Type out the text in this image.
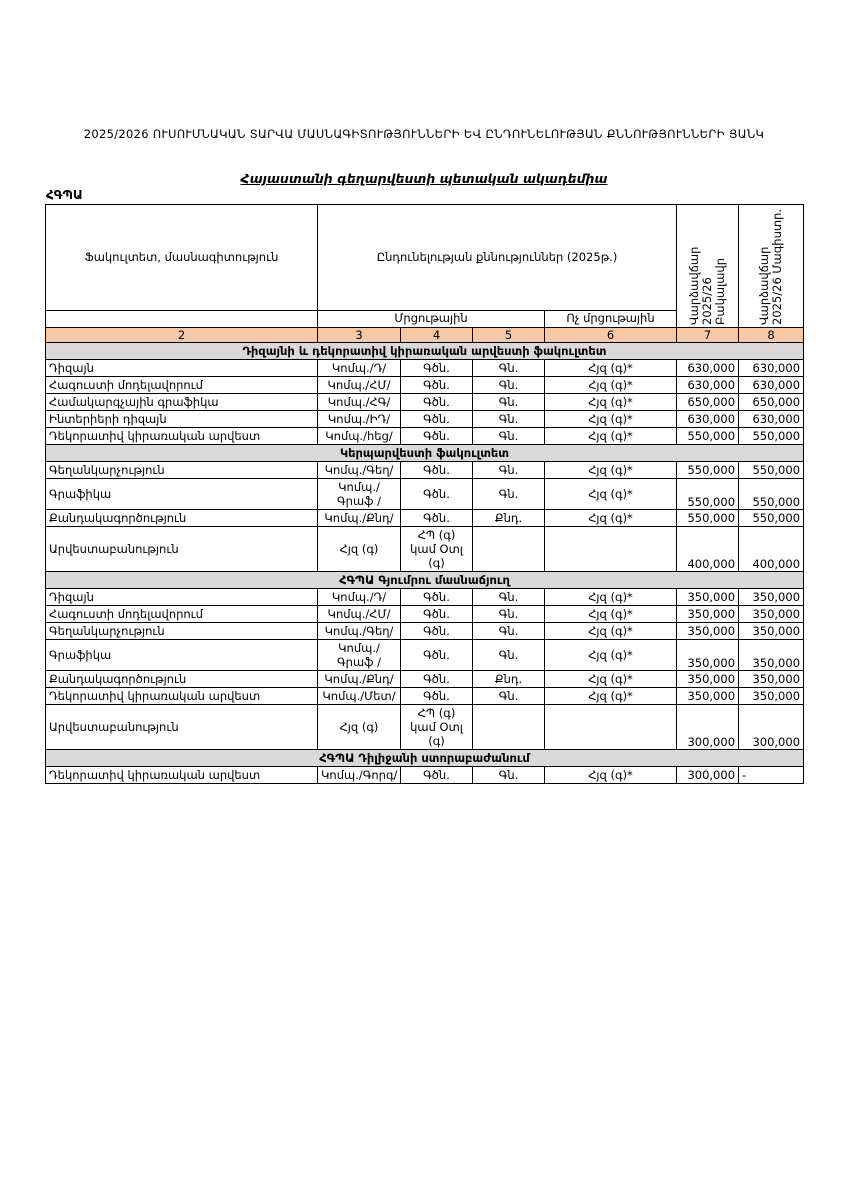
2025/2026 ՈՒՍՈՒՄՆԱԿԱՆ ՏԱՐՎԱ ՄԱՍՆԱԳԻՏՈՒԹՅՈՒՆՆԵՐԻ ԵՎ ԸՆԴՈՒՆԵԼՈՒԹՅԱՆ ՔՆՆՈՒԹՅՈՒՆՆԵՐԻ ՑԱՆԿ
Հայաստանի գեղարվեստի պետական ակադեմիա
ՀԳՊԱ
Ֆակուլտետ, մասնագիտություն	Ընդունելության քննություններ (2025թ.)				Վարձավճար 2025/26 Բակալավր	Վարձավճար 2025/26 Մագիստր.

	Մրցութային			Ոչ մրցութային		
2	3	4	5	6	7	8
Դիզայնի և դեկորատիվ կիրառական արվեստի ֆակուլտետ						
Դիզայն	Կոմպ./Դ/	Գծն.	Գն.	Հյզ (գ)*	630,000	630,000
Հագուստի մոդելավորում	Կոմպ./ՀՄ/	Գծն.	Գն.	Հյզ (գ)*	630,000	630,000
Համակարգչային գրաֆիկա	Կոմպ./ՀԳ/	Գծն.	Գն.	Հյզ (գ)*	650,000	650,000
Ինտերիերի դիզայն	Կոմպ./ԻԴ/	Գծն.	Գն.	Հյզ (գ)*	630,000	630,000
Դեկորատիվ կիրառական արվեստ	Կոմպ./հեց/	Գծն.	Գն.	Հյզ (գ)*	550,000	550,000
Կերպարվեստի ֆակուլտետ						
Գեղանկարչություն	Կոմպ./Գեղ/	Գծն.	Գն.	Հյզ (գ)*	550,000	550,000
Գրաֆիկա	Կոմպ./Գրաֆ /	Գծն.	Գն.	Հյզ (գ)*	550,000	550,000
Քանդակագործություն	Կոմպ./Քնդ/	Գծն.	Քնդ.	Հյզ (գ)*	550,000	550,000
Արվեստաբանություն	Հյզ (գ)	ՀՊ (գ) կամ Օտլ (գ)			400,000	400,000
ՀԳՊԱ Գյումրու մասնաճյուղ						
Դիզայն	Կոմպ./Դ/	Գծն.	Գն.	Հյզ (գ)*	350,000	350,000
Հագուստի մոդելավորում	Կոմպ./ՀՄ/	Գծն.	Գն.	Հյզ (գ)*	350,000	350,000
Գեղանկարչություն	Կոմպ./Գեղ/	Գծն.	Գն.	Հյզ (գ)*	350,000	350,000
Գրաֆիկա	Կոմպ./Գրաֆ /	Գծն.	Գն.	Հյզ (գ)*	350,000	350,000
Քանդակագործություն	Կոմպ./Քնդ/	Գծն.	Քնդ.	Հյզ (գ)*	350,000	350,000
Դեկորատիվ կիրառական արվեստ	Կոմպ./Մետ/	Գծն.	Գն.	Հյզ (գ)*	350,000	350,000
Արվեստաբանություն	Հյզ (գ)	ՀՊ (գ) կամ Օտլ (գ)			300,000	300,000
ՀԳՊԱ Դիլիջանի ստորաբաժանում						
Դեկորատիվ կիրառական արվեստ	Կոմպ./Գորգ/	Գծն.	Գն.	Հյզ (գ)*	300,000	-
